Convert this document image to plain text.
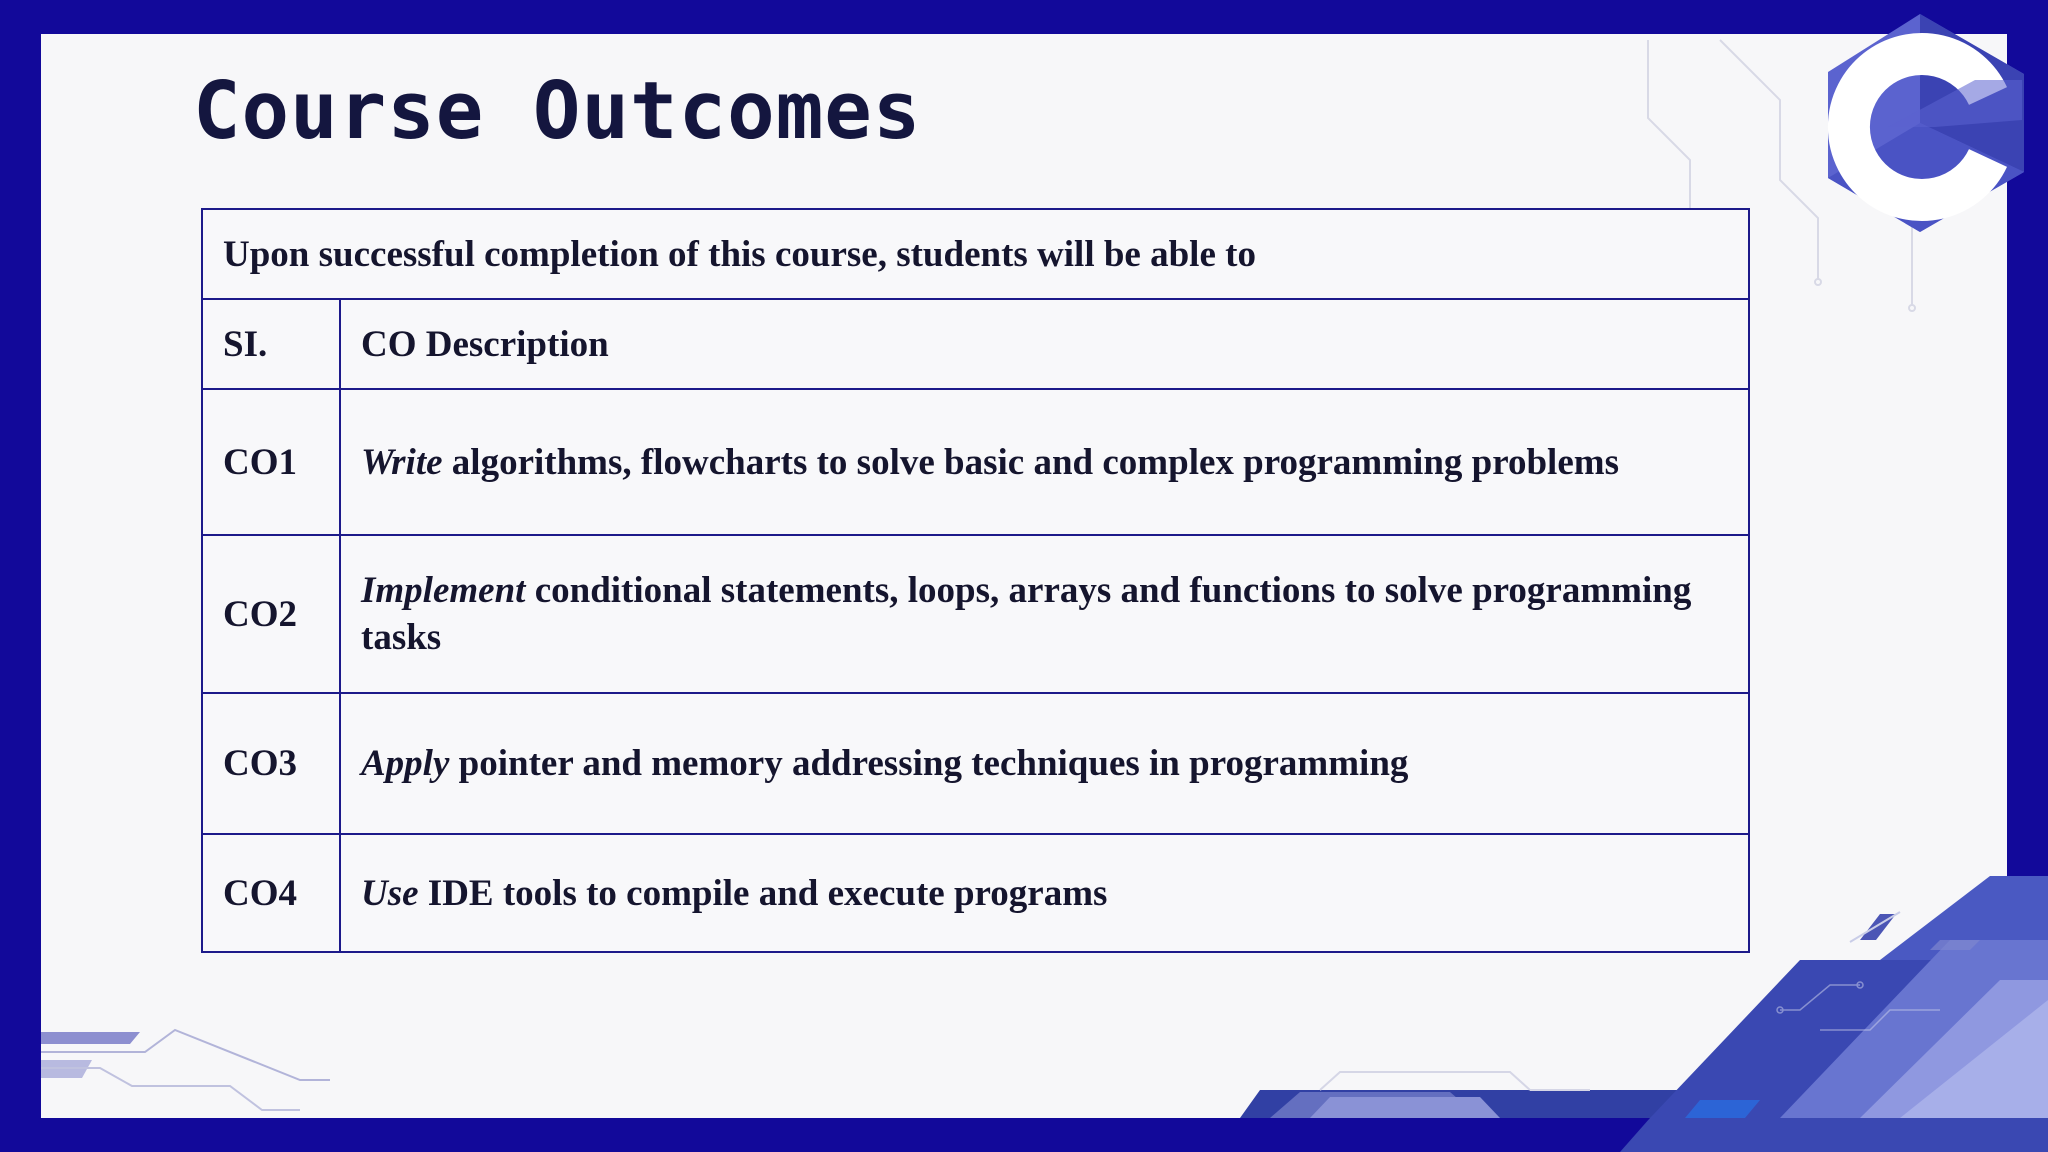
Course Outcomes
Upon successful completion of this course, students will be able to	
SI.	CO Description
CO1	Write algorithms, flowcharts to solve basic and complex programming problems
CO2	Implement conditional statements, loops, arrays and functions to solve programming tasks
CO3	Apply pointer and memory addressing techniques in programming
CO4	Use IDE tools to compile and execute programs
